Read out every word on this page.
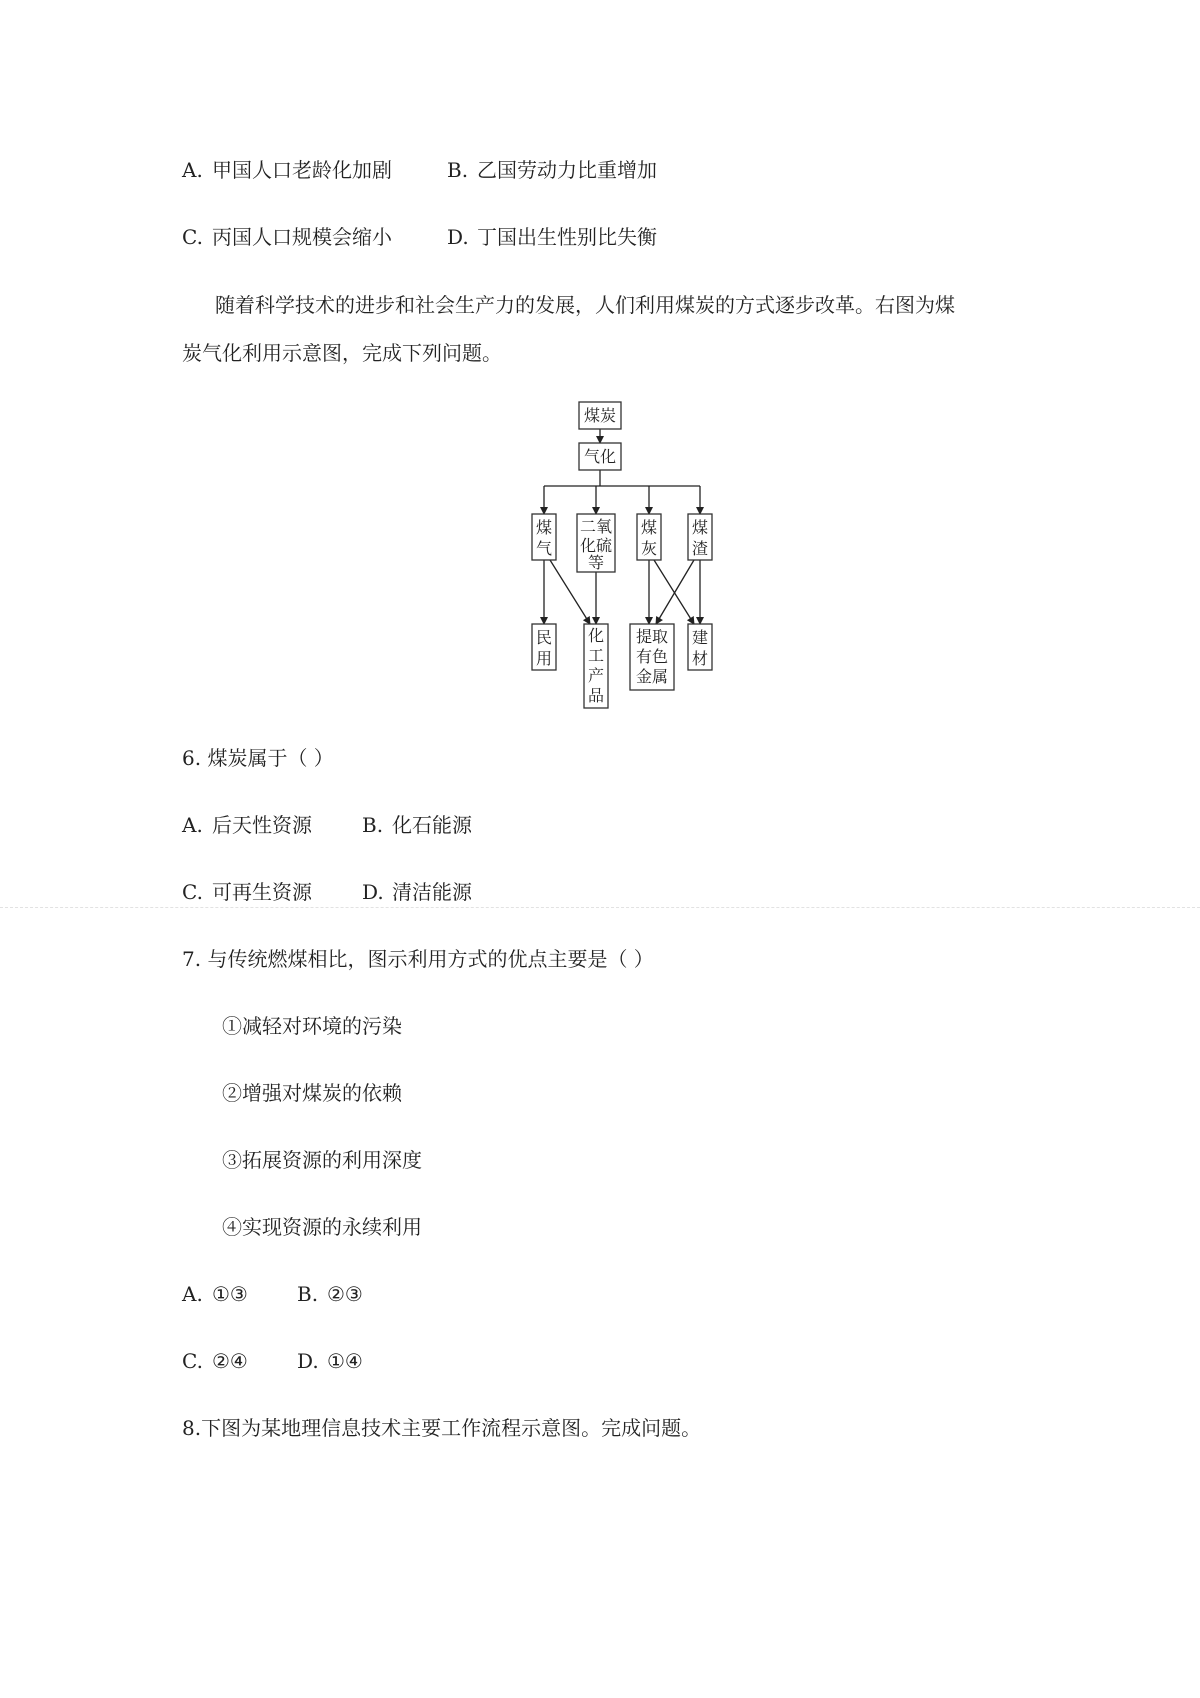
A. 甲国人口老龄化加剧	B. 乙国劳动力比重增加
C. 丙国人口规模会缩小	D. 丁国出生性别比失衡
随着科学技术的进步和社会生产力的发展，人们利用煤炭的方式逐步改革。右图为煤
炭气化利用示意图，完成下列问题。
煤炭
气化
煤
气
二氧
化硫
等
煤
灰
煤
渣
民
用
化
工
产
品
提取
有色
金属
建
材
6. 煤炭属于（ ）
A. 后天性资源	B. 化石能源
C. 可再生资源	D. 清洁能源
7. 与传统燃煤相比，图示利用方式的优点主要是（ ）
①减轻对环境的污染
②增强对煤炭的依赖
③拓展资源的利用深度
④实现资源的永续利用
A. ①③ B. ②③
C. ②④ D. ①④
8.下图为某地理信息技术主要工作流程示意图。完成问题。
